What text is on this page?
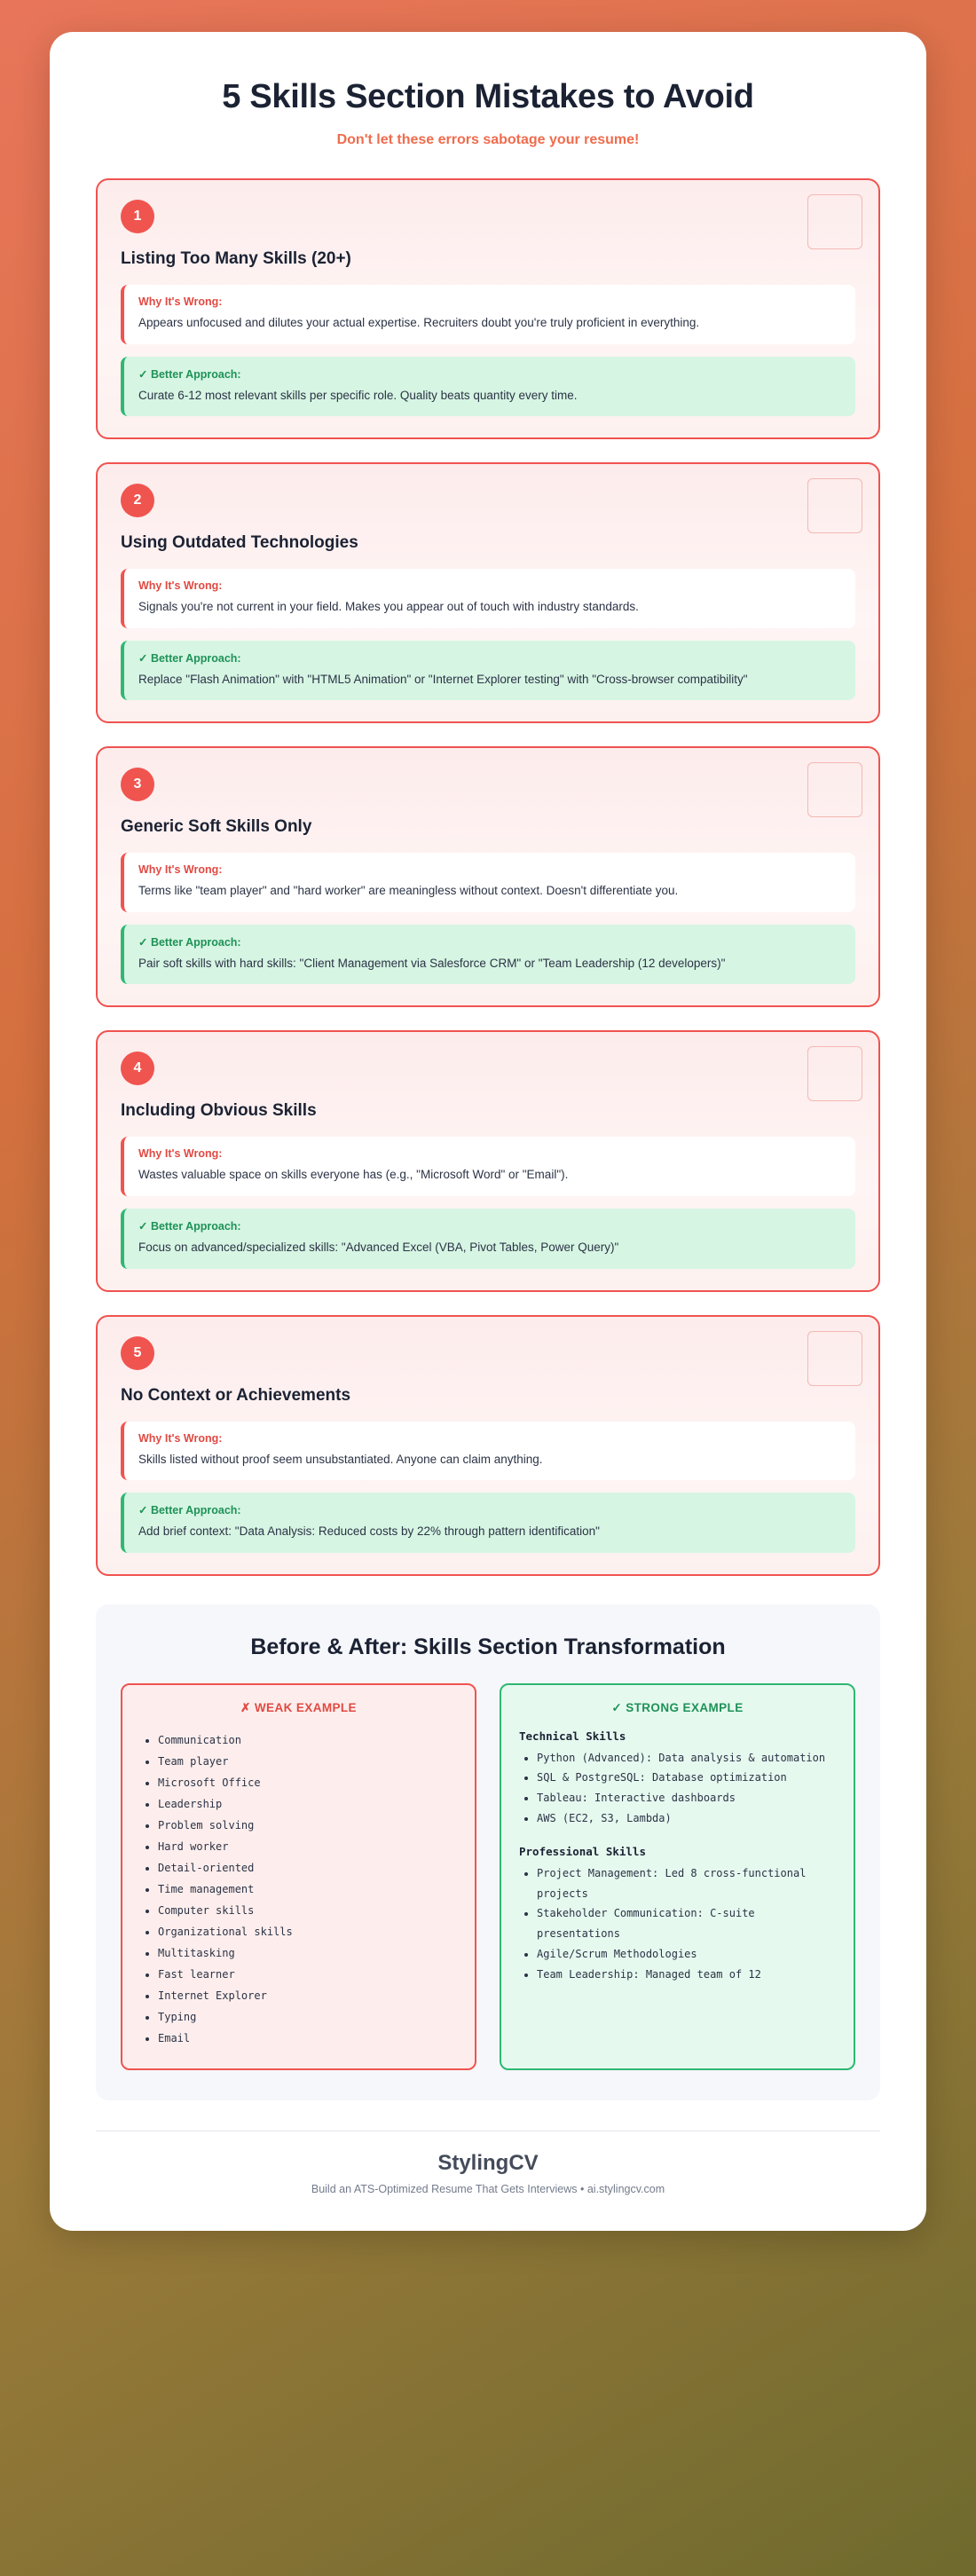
5 Skills Section Mistakes to Avoid

Don't let these errors sabotage your resume!

1
Listing Too Many Skills (20+)

Why It's Wrong:

Appears unfocused and dilutes your actual expertise. Recruiters doubt you're truly proficient in everything.

✓ Better Approach:

Curate 6-12 most relevant skills per specific role. Quality beats quantity every time.

2
Using Outdated Technologies

Why It's Wrong:

Signals you're not current in your field. Makes you appear out of touch with industry standards.

✓ Better Approach:

Replace "Flash Animation" with "HTML5 Animation" or "Internet Explorer testing" with "Cross-browser compatibility"

3
Generic Soft Skills Only

Why It's Wrong:

Terms like "team player" and "hard worker" are meaningless without context. Doesn't differentiate you.

✓ Better Approach:

Pair soft skills with hard skills: "Client Management via Salesforce CRM" or "Team Leadership (12 developers)"

4
Including Obvious Skills

Why It's Wrong:

Wastes valuable space on skills everyone has (e.g., "Microsoft Word" or "Email").

✓ Better Approach:

Focus on advanced/specialized skills: "Advanced Excel (VBA, Pivot Tables, Power Query)"

5
No Context or Achievements

Why It's Wrong:

Skills listed without proof seem unsubstantiated. Anyone can claim anything.

✓ Better Approach:

Add brief context: "Data Analysis: Reduced costs by 22% through pattern identification"

Before & After: Skills Section Transformation

✗ WEAK EXAMPLE

• Communication
• Team player
• Microsoft Office
• Leadership
• Problem solving
• Hard worker
• Detail-oriented
• Time management
• Computer skills
• Organizational skills
• Multitasking
• Fast learner
• Internet Explorer
• Typing
• Email

✓ STRONG EXAMPLE

Technical Skills

• Python (Advanced): Data analysis & automation
• SQL & PostgreSQL: Database optimization
• Tableau: Interactive dashboards
• AWS (EC2, S3, Lambda)

Professional Skills

• Project Management: Led 8 cross-functional projects
• Stakeholder Communication: C-suite presentations
• Agile/Scrum Methodologies
• Team Leadership: Managed team of 12

StylingCV

Build an ATS-Optimized Resume That Gets Interviews • ai.stylingcv.com
